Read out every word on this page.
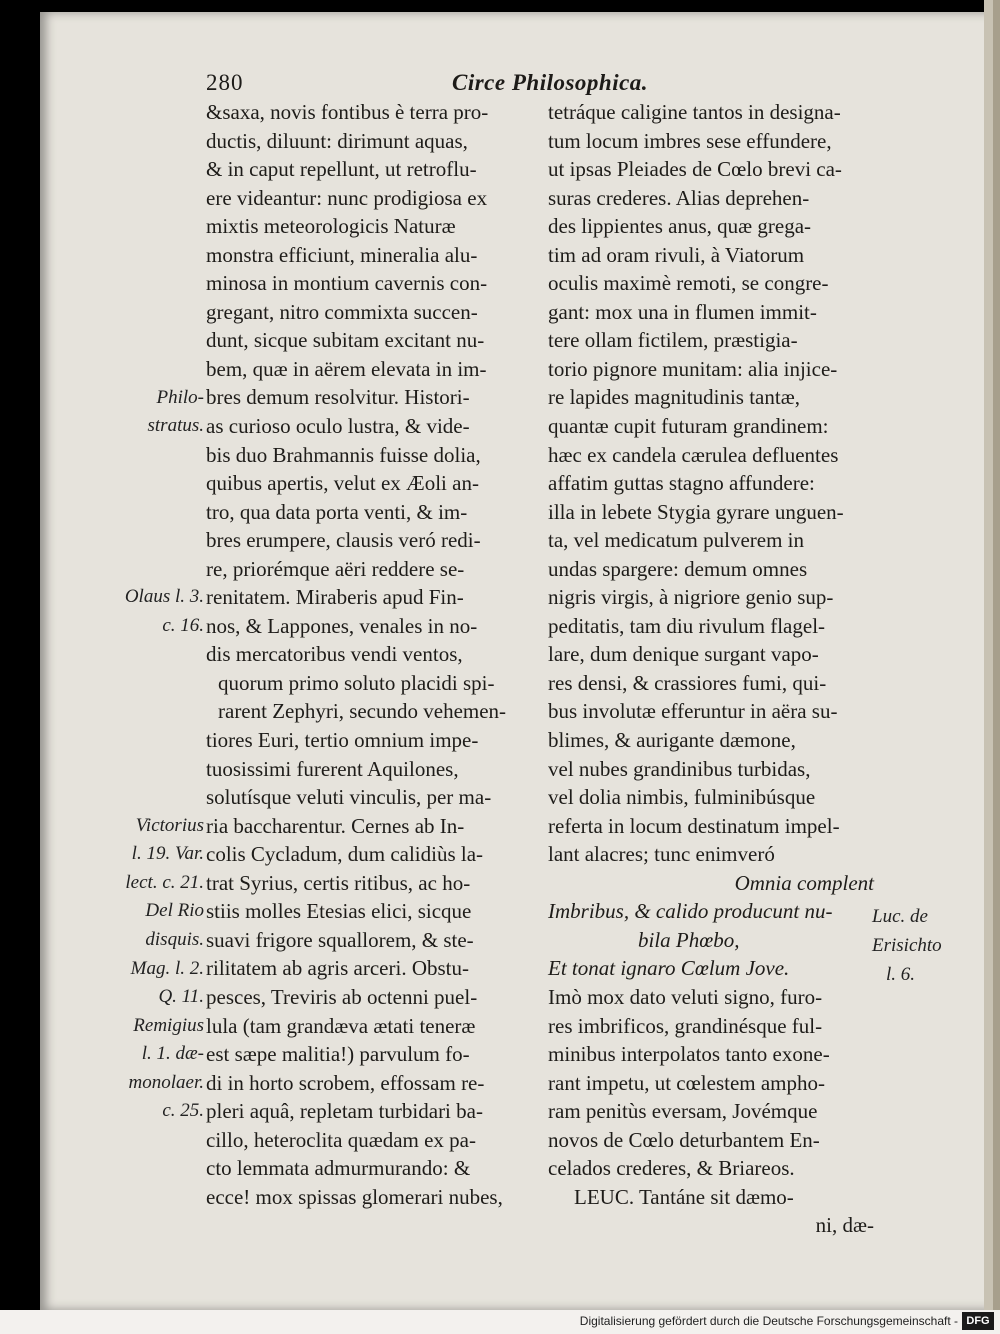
280	Circe Philosophica.
&saxa, novis fontibus è terra pro-
ductis, diluunt: dirimunt aquas,
& in caput repellunt, ut retroflu-
ere videantur: nunc prodigiosa ex
mixtis meteorologicis Naturæ
monstra efficiunt, mineralia alu-
minosa in montium cavernis con-
gregant, nitro commixta succen-
dunt, sicque subitam excitant nu-
bem, quæ in aërem elevata in im-
bres demum resolvitur. Histori-
as curioso oculo lustra, & vide-
bis duo Brahmannis fuisse dolia,
quibus apertis, velut ex Æoli an-
tro, qua data porta venti, & im-
bres erumpere, clausis veró redi-
re, priorémque aëri reddere se-
renitatem. Miraberis apud Fin-
nos, & Lappones, venales in no-
dis mercatoribus vendi ventos,
quorum primo soluto placidi spi-
rarent Zephyri, secundo vehemen-
tiores Euri, tertio omnium impe-
tuosissimi furerent Aquilones,
solutísque veluti vinculis, per ma-
ria baccharentur. Cernes ab In-
colis Cycladum, dum calidiùs la-
trat Syrius, certis ritibus, ac ho-
stiis molles Etesias elici, sicque
suavi frigore squallorem, & ste-
rilitatem ab agris arceri. Obstu-
pesces, Treviris ab octenni puel-
lula (tam grandæva ætati teneræ
est sæpe malitia!) parvulum fo-
di in horto scrobem, effossam re-
pleri aquâ, repletam turbidari ba-
cillo, heteroclita quædam ex pa-
cto lemmata admurmurando: &
ecce! mox spissas glomerari nubes,
tetráque caligine tantos in designa-
tum locum imbres sese effundere,
ut ipsas Pleiades de Cœlo brevi ca-
suras crederes. Alias deprehen-
des lippientes anus, quæ grega-
tim ad oram rivuli, à Viatorum
oculis maximè remoti, se congre-
gant: mox una in flumen immit-
tere ollam fictilem, præstigia-
torio pignore munitam: alia injice-
re lapides magnitudinis tantæ,
quantæ cupit futuram grandinem:
hæc ex candela cærulea defluentes
affatim guttas stagno affundere:
illa in lebete Stygia gyrare unguen-
ta, vel medicatum pulverem in
undas spargere: demum omnes
nigris virgis, à nigriore genio sup-
peditatis, tam diu rivulum flagel-
lare, dum denique surgant vapo-
res densi, & crassiores fumi, qui-
bus involutæ efferuntur in aëra su-
blimes, & aurigante dæmone,
vel nubes grandinibus turbidas,
vel dolia nimbis, fulminibúsque
referta in locum destinatum impel-
lant alacres; tunc enimveró
Omnia complent
Imbribus, & calido producunt nu-
bila Phœbo,
Et tonat ignaro Cœlum Jove.
Imò mox dato veluti signo, furo-
res imbrificos, grandinésque ful-
minibus interpolatos tanto exone-
rant impetu, ut cœlestem ampho-
ram penitùs eversam, Jovémque
novos de Cœlo deturbantem En-
celados crederes, & Briareos.
LEUC. Tantáne sit dæmo-
ni, dæ-
Philo-
stratus.
Olaus l. 3.
c. 16.
Victorius
l. 19. Var.
lect. c. 21.
Del Rio
disquis.
Mag. l. 2.
Q. 11.
Remigius
l. 1. dæ-
monolaer.
c. 25.
Luc. de
Erisichto
l. 6.
Digitalisierung gefördert durch die Deutsche Forschungsgemeinschaft - DFG
